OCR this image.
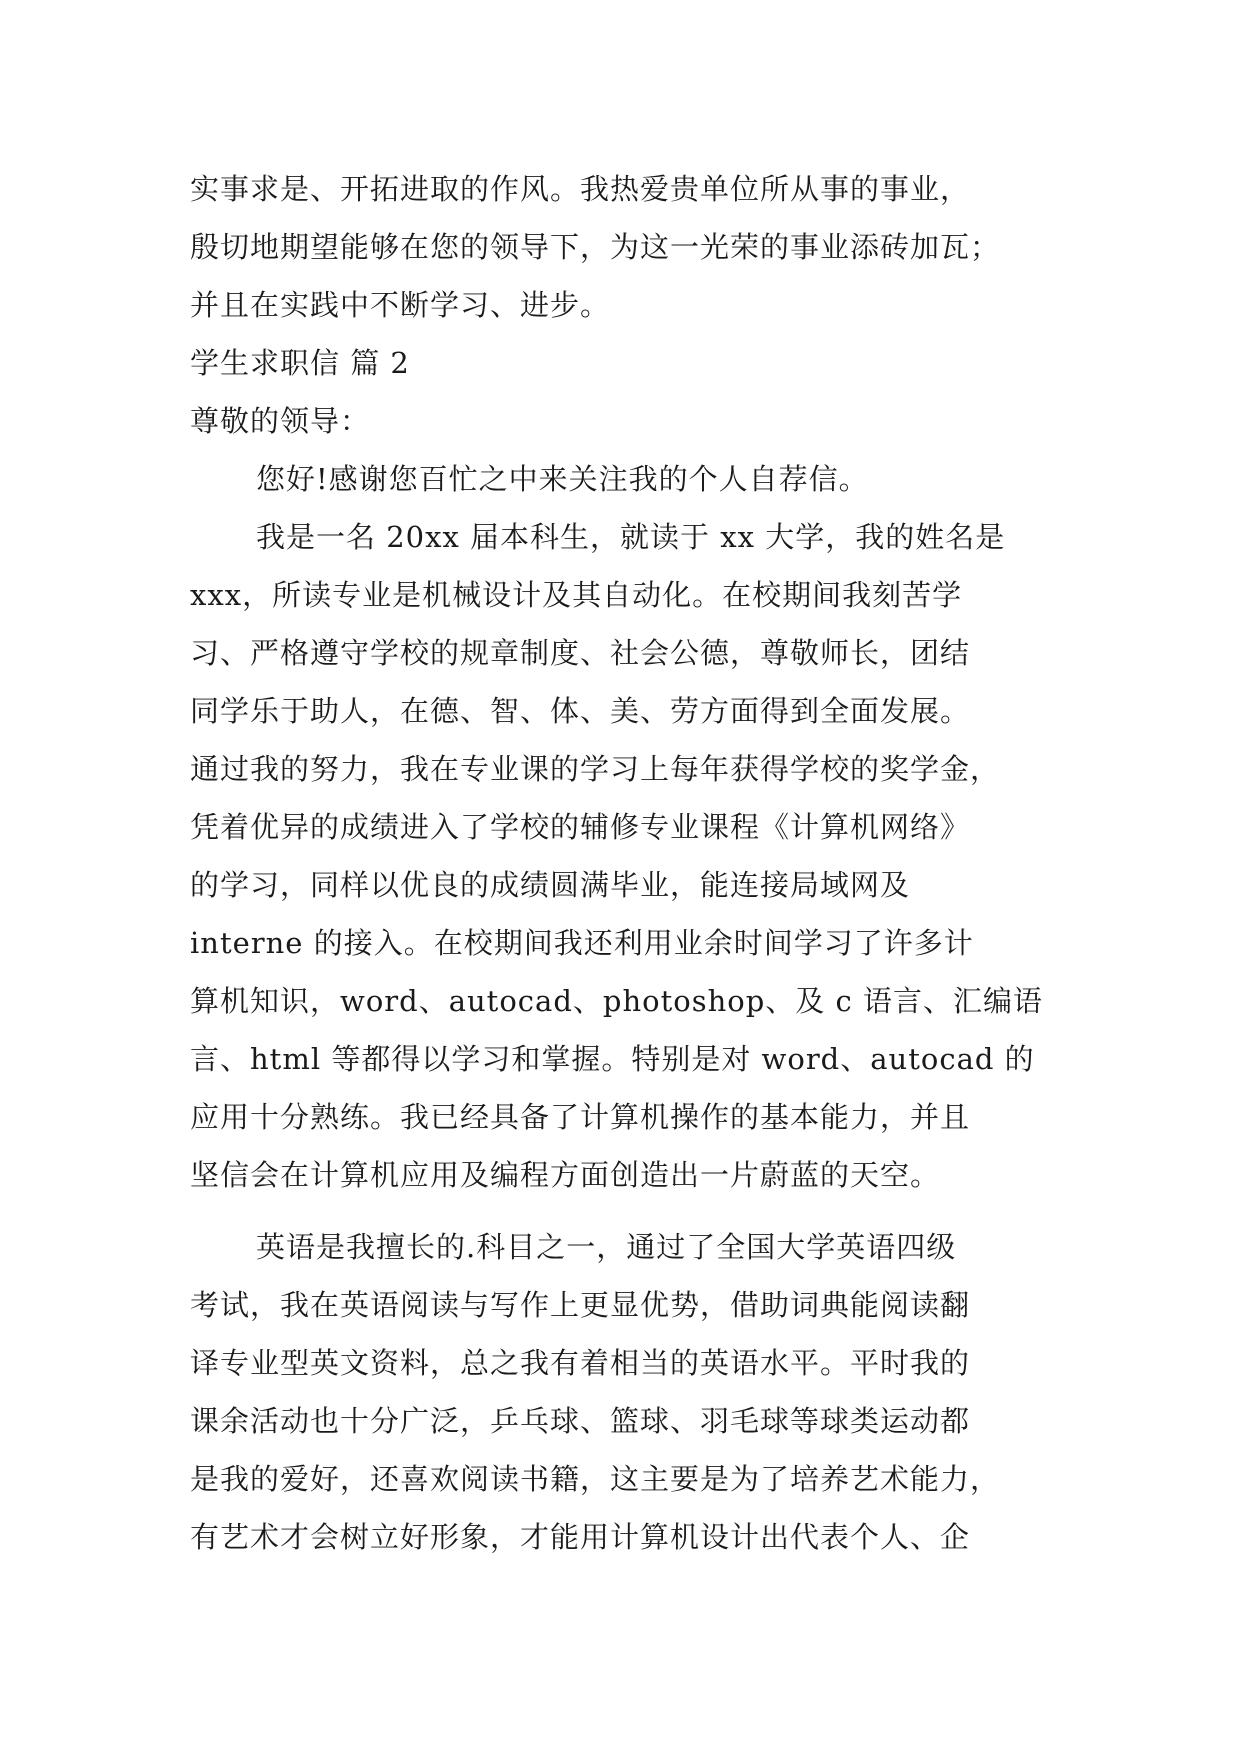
实事求是、开拓进取的作风。我热爱贵单位所从事的事业，
殷切地期望能够在您的领导下，为这一光荣的事业添砖加瓦；
并且在实践中不断学习、进步。
学生求职信 篇 2
尊敬的领导：
您好!感谢您百忙之中来关注我的个人自荐信。
我是一名 20xx 届本科生，就读于 xx 大学，我的姓名是
xxx，所读专业是机械设计及其自动化。在校期间我刻苦学
习、严格遵守学校的规章制度、社会公德，尊敬师长，团结
同学乐于助人，在德、智、体、美、劳方面得到全面发展。
通过我的努力，我在专业课的学习上每年获得学校的奖学金，
凭着优异的成绩进入了学校的辅修专业课程《计算机网络》
的学习，同样以优良的成绩圆满毕业，能连接局域网及
interne 的接入。在校期间我还利用业余时间学习了许多计
算机知识，word、autocad、photoshop、及 c 语言、汇编语
言、html 等都得以学习和掌握。特别是对 word、autocad 的
应用十分熟练。我已经具备了计算机操作的基本能力，并且
坚信会在计算机应用及编程方面创造出一片蔚蓝的天空。
英语是我擅长的.科目之一，通过了全国大学英语四级
考试，我在英语阅读与写作上更显优势，借助词典能阅读翻
译专业型英文资料，总之我有着相当的英语水平。平时我的
课余活动也十分广泛，乒乓球、篮球、羽毛球等球类运动都
是我的爱好，还喜欢阅读书籍，这主要是为了培养艺术能力，
有艺术才会树立好形象，才能用计算机设计出代表个人、企
